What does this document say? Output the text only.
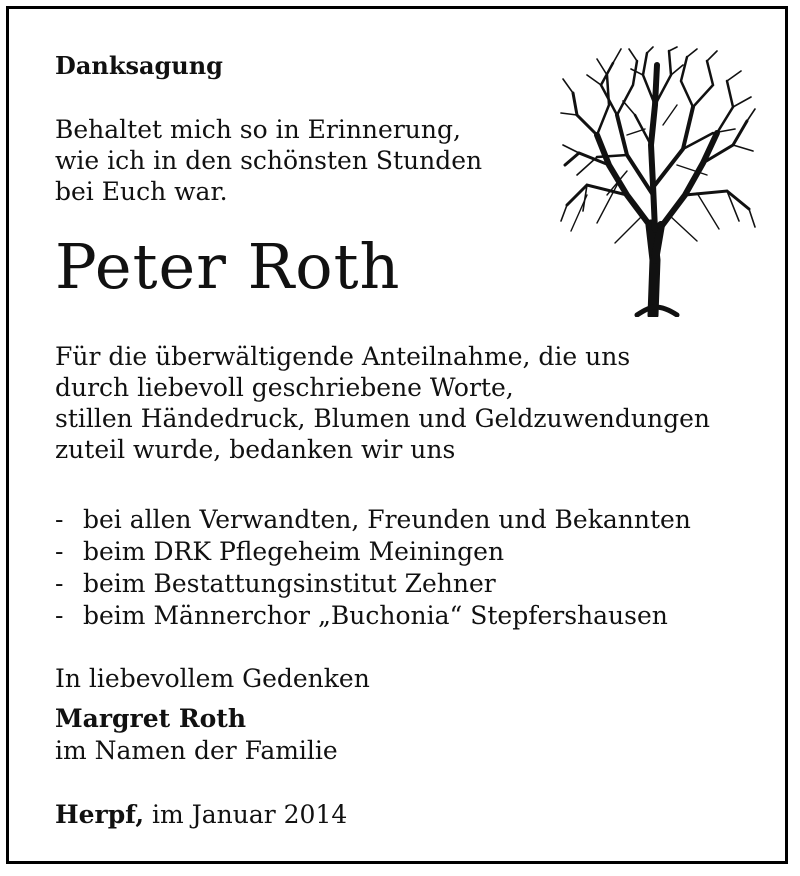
Danksagung
Behaltet mich so in Erinnerung,
wie ich in den schönsten Stunden
bei Euch war.
Peter Roth
Für die überwältigende Anteilnahme, die uns
durch liebevoll geschriebene Worte,
stillen Händedruck, Blumen und Geldzuwendungen
zuteil wurde, bedanken wir uns
- bei allen Verwandten, Freunden und Bekannten
- beim DRK Pflegeheim Meiningen
- beim Bestattungsinstitut Zehner
- beim Männerchor „Buchonia“ Stepfershausen
In liebevollem Gedenken
Margret Roth
im Namen der Familie
Herpf, im Januar 2014
